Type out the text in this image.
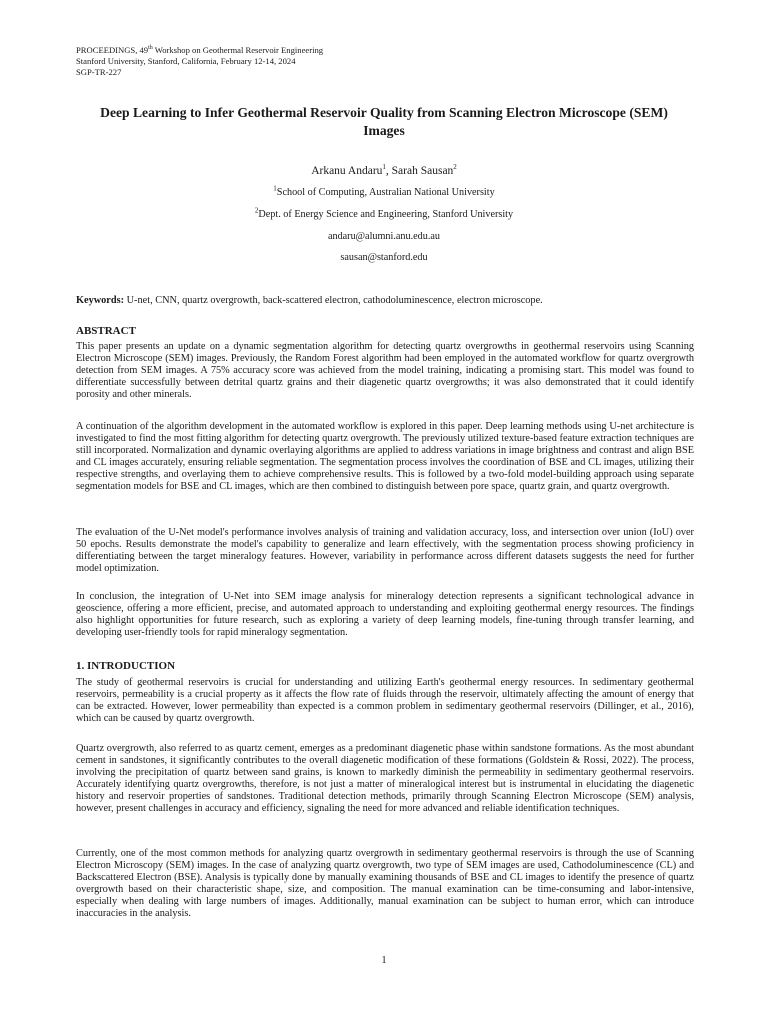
PROCEEDINGS, 49th Workshop on Geothermal Reservoir Engineering
Stanford University, Stanford, California, February 12-14, 2024
SGP-TR-227
Deep Learning to Infer Geothermal Reservoir Quality from Scanning Electron Microscope (SEM) Images
Arkanu Andaru$^1$, Sarah Sausan$^2$
$^1$School of Computing, Australian National University
$^2$Dept. of Energy Science and Engineering, Stanford University
andaru@alumni.anu.edu.au
sausan@stanford.edu
Keywords: U-net, CNN, quartz overgrowth, back-scattered electron, cathodoluminescence, electron microscope.
ABSTRACT

This paper presents an update on a dynamic segmentation algorithm for detecting quartz overgrowths in geothermal reservoirs using Scanning Electron Microscope (SEM) images. Previously, the Random Forest algorithm had been employed in the automated workflow for quartz overgrowth detection from SEM images. A 75% accuracy score was achieved from the model training, indicating a promising start. This model was found to differentiate successfully between detrital quartz grains and their diagenetic quartz overgrowths; it was also demonstrated that it could identify porosity and other minerals.

A continuation of the algorithm development in the automated workflow is explored in this paper. Deep learning methods using U-net architecture is investigated to find the most fitting algorithm for detecting quartz overgrowth. The previously utilized texture-based feature extraction techniques are still incorporated. Normalization and dynamic overlaying algorithms are applied to address variations in image brightness and contrast and align BSE and CL images accurately, ensuring reliable segmentation. The segmentation process involves the coordination of BSE and CL images, utilizing their respective strengths, and overlaying them to achieve comprehensive results. This is followed by a two-fold model-building approach using separate segmentation models for BSE and CL images, which are then combined to distinguish between pore space, quartz grain, and quartz overgrowth.

The evaluation of the U-Net model's performance involves analysis of training and validation accuracy, loss, and intersection over union (IoU) over 50 epochs. Results demonstrate the model's capability to generalize and learn effectively, with the segmentation process showing proficiency in differentiating between the target mineralogy features. However, variability in performance across different datasets suggests the need for further model optimization.

In conclusion, the integration of U-Net into SEM image analysis for mineralogy detection represents a significant technological advance in geoscience, offering a more efficient, precise, and automated approach to understanding and exploiting geothermal energy resources. The findings also highlight opportunities for future research, such as exploring a variety of deep learning models, fine-tuning through transfer learning, and developing user-friendly tools for rapid mineralogy segmentation.

1. INTRODUCTION

The study of geothermal reservoirs is crucial for understanding and utilizing Earth's geothermal energy resources. In sedimentary geothermal reservoirs, permeability is a crucial property as it affects the flow rate of fluids through the reservoir, ultimately affecting the amount of energy that can be extracted. However, lower permeability than expected is a common problem in sedimentary geothermal reservoirs (Dillinger, et al., 2016), which can be caused by quartz overgrowth.

Quartz overgrowth, also referred to as quartz cement, emerges as a predominant diagenetic phase within sandstone formations. As the most abundant cement in sandstones, it significantly contributes to the overall diagenetic modification of these formations (Goldstein & Rossi, 2022). The process, involving the precipitation of quartz between sand grains, is known to markedly diminish the permeability in sedimentary geothermal reservoirs. Accurately identifying quartz overgrowths, therefore, is not just a matter of mineralogical interest but is instrumental in elucidating the diagenetic history and reservoir properties of sandstones. Traditional detection methods, primarily through Scanning Electron Microscope (SEM) analysis, however, present challenges in accuracy and efficiency, signaling the need for more advanced and reliable identification techniques.

Currently, one of the most common methods for analyzing quartz overgrowth in sedimentary geothermal reservoirs is through the use of Scanning Electron Microscopy (SEM) images. In the case of analyzing quartz overgrowth, two type of SEM images are used, Cathodoluminescence (CL) and Backscattered Electron (BSE). Analysis is typically done by manually examining thousands of BSE and CL images to identify the presence of quartz overgrowth based on their characteristic shape, size, and composition. The manual examination can be time-consuming and labor-intensive, especially when dealing with large numbers of images. Additionally, manual examination can be subject to human error, which can introduce inaccuracies in the analysis.

1
